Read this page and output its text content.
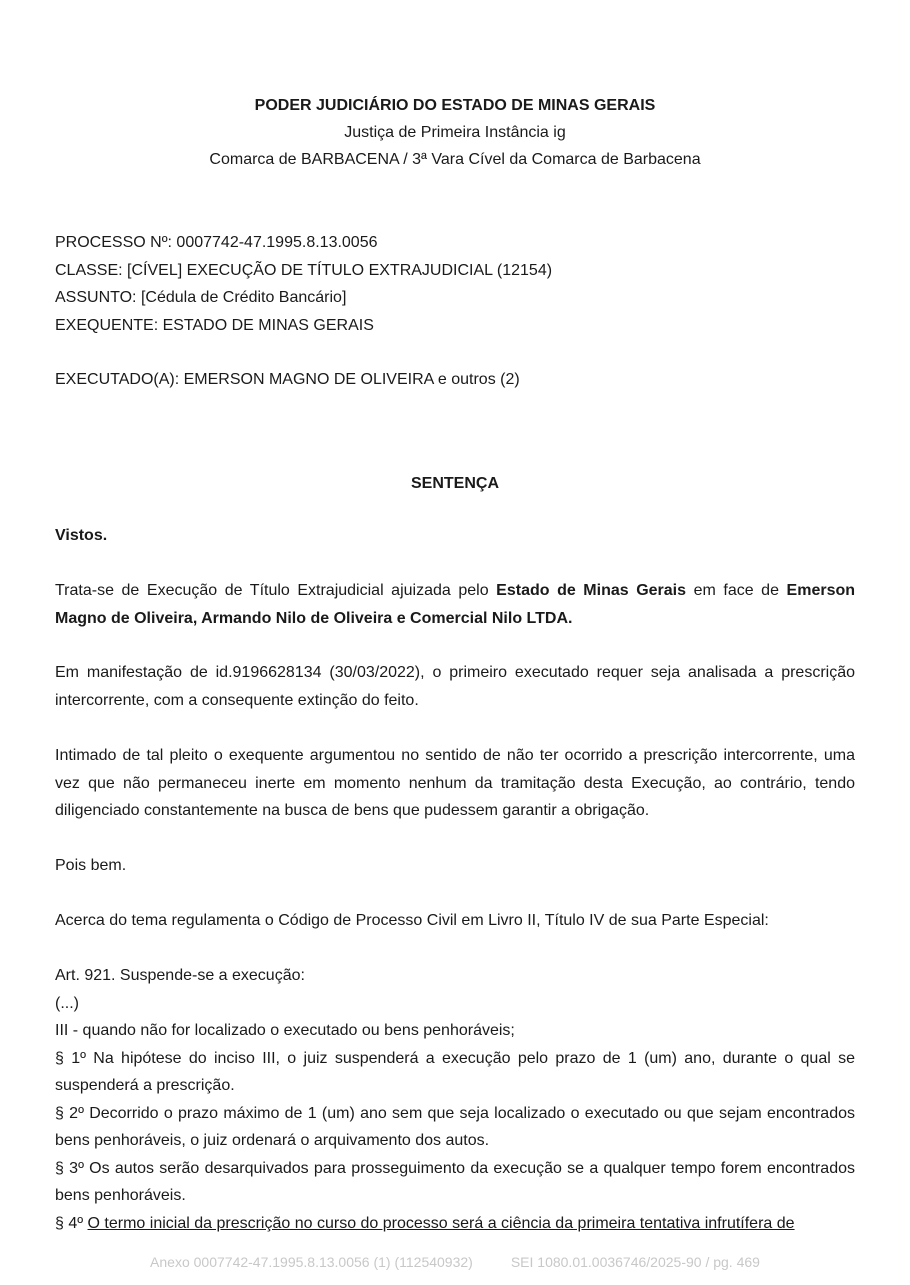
PODER JUDICIÁRIO DO ESTADO DE MINAS GERAIS
Justiça de Primeira Instância ig
Comarca de BARBACENA / 3ª Vara Cível da Comarca de Barbacena
PROCESSO Nº: 0007742-47.1995.8.13.0056
CLASSE: [CÍVEL] EXECUÇÃO DE TÍTULO EXTRAJUDICIAL (12154)
ASSUNTO: [Cédula de Crédito Bancário]
EXEQUENTE: ESTADO DE MINAS GERAIS
EXECUTADO(A): EMERSON MAGNO DE OLIVEIRA e outros (2)
SENTENÇA
Vistos.
Trata-se de Execução de Título Extrajudicial ajuizada pelo Estado de Minas Gerais em face de Emerson Magno de Oliveira, Armando Nilo de Oliveira e Comercial Nilo LTDA.
Em manifestação de id.9196628134 (30/03/2022), o primeiro executado requer seja analisada a prescrição intercorrente, com a consequente extinção do feito.
Intimado de tal pleito o exequente argumentou no sentido de não ter ocorrido a prescrição intercorrente, uma vez que não permaneceu inerte em momento nenhum da tramitação desta Execução, ao contrário, tendo diligenciado constantemente na busca de bens que pudessem garantir a obrigação.
Pois bem.
Acerca do tema regulamenta o Código de Processo Civil em Livro II, Título IV de sua Parte Especial:
Art. 921. Suspende-se a execução:
(...)
III - quando não for localizado o executado ou bens penhoráveis;
§ 1º Na hipótese do inciso III, o juiz suspenderá a execução pelo prazo de 1 (um) ano, durante o qual se suspenderá a prescrição.
§ 2º Decorrido o prazo máximo de 1 (um) ano sem que seja localizado o executado ou que sejam encontrados bens penhoráveis, o juiz ordenará o arquivamento dos autos.
§ 3º Os autos serão desarquivados para prosseguimento da execução se a qualquer tempo forem encontrados bens penhoráveis.
§ 4º O termo inicial da prescrição no curso do processo será a ciência da primeira tentativa infrutífera de
Anexo 0007742-47.1995.8.13.0056 (1) (112540932)	SEI 1080.01.0036746/2025-90 / pg. 469
